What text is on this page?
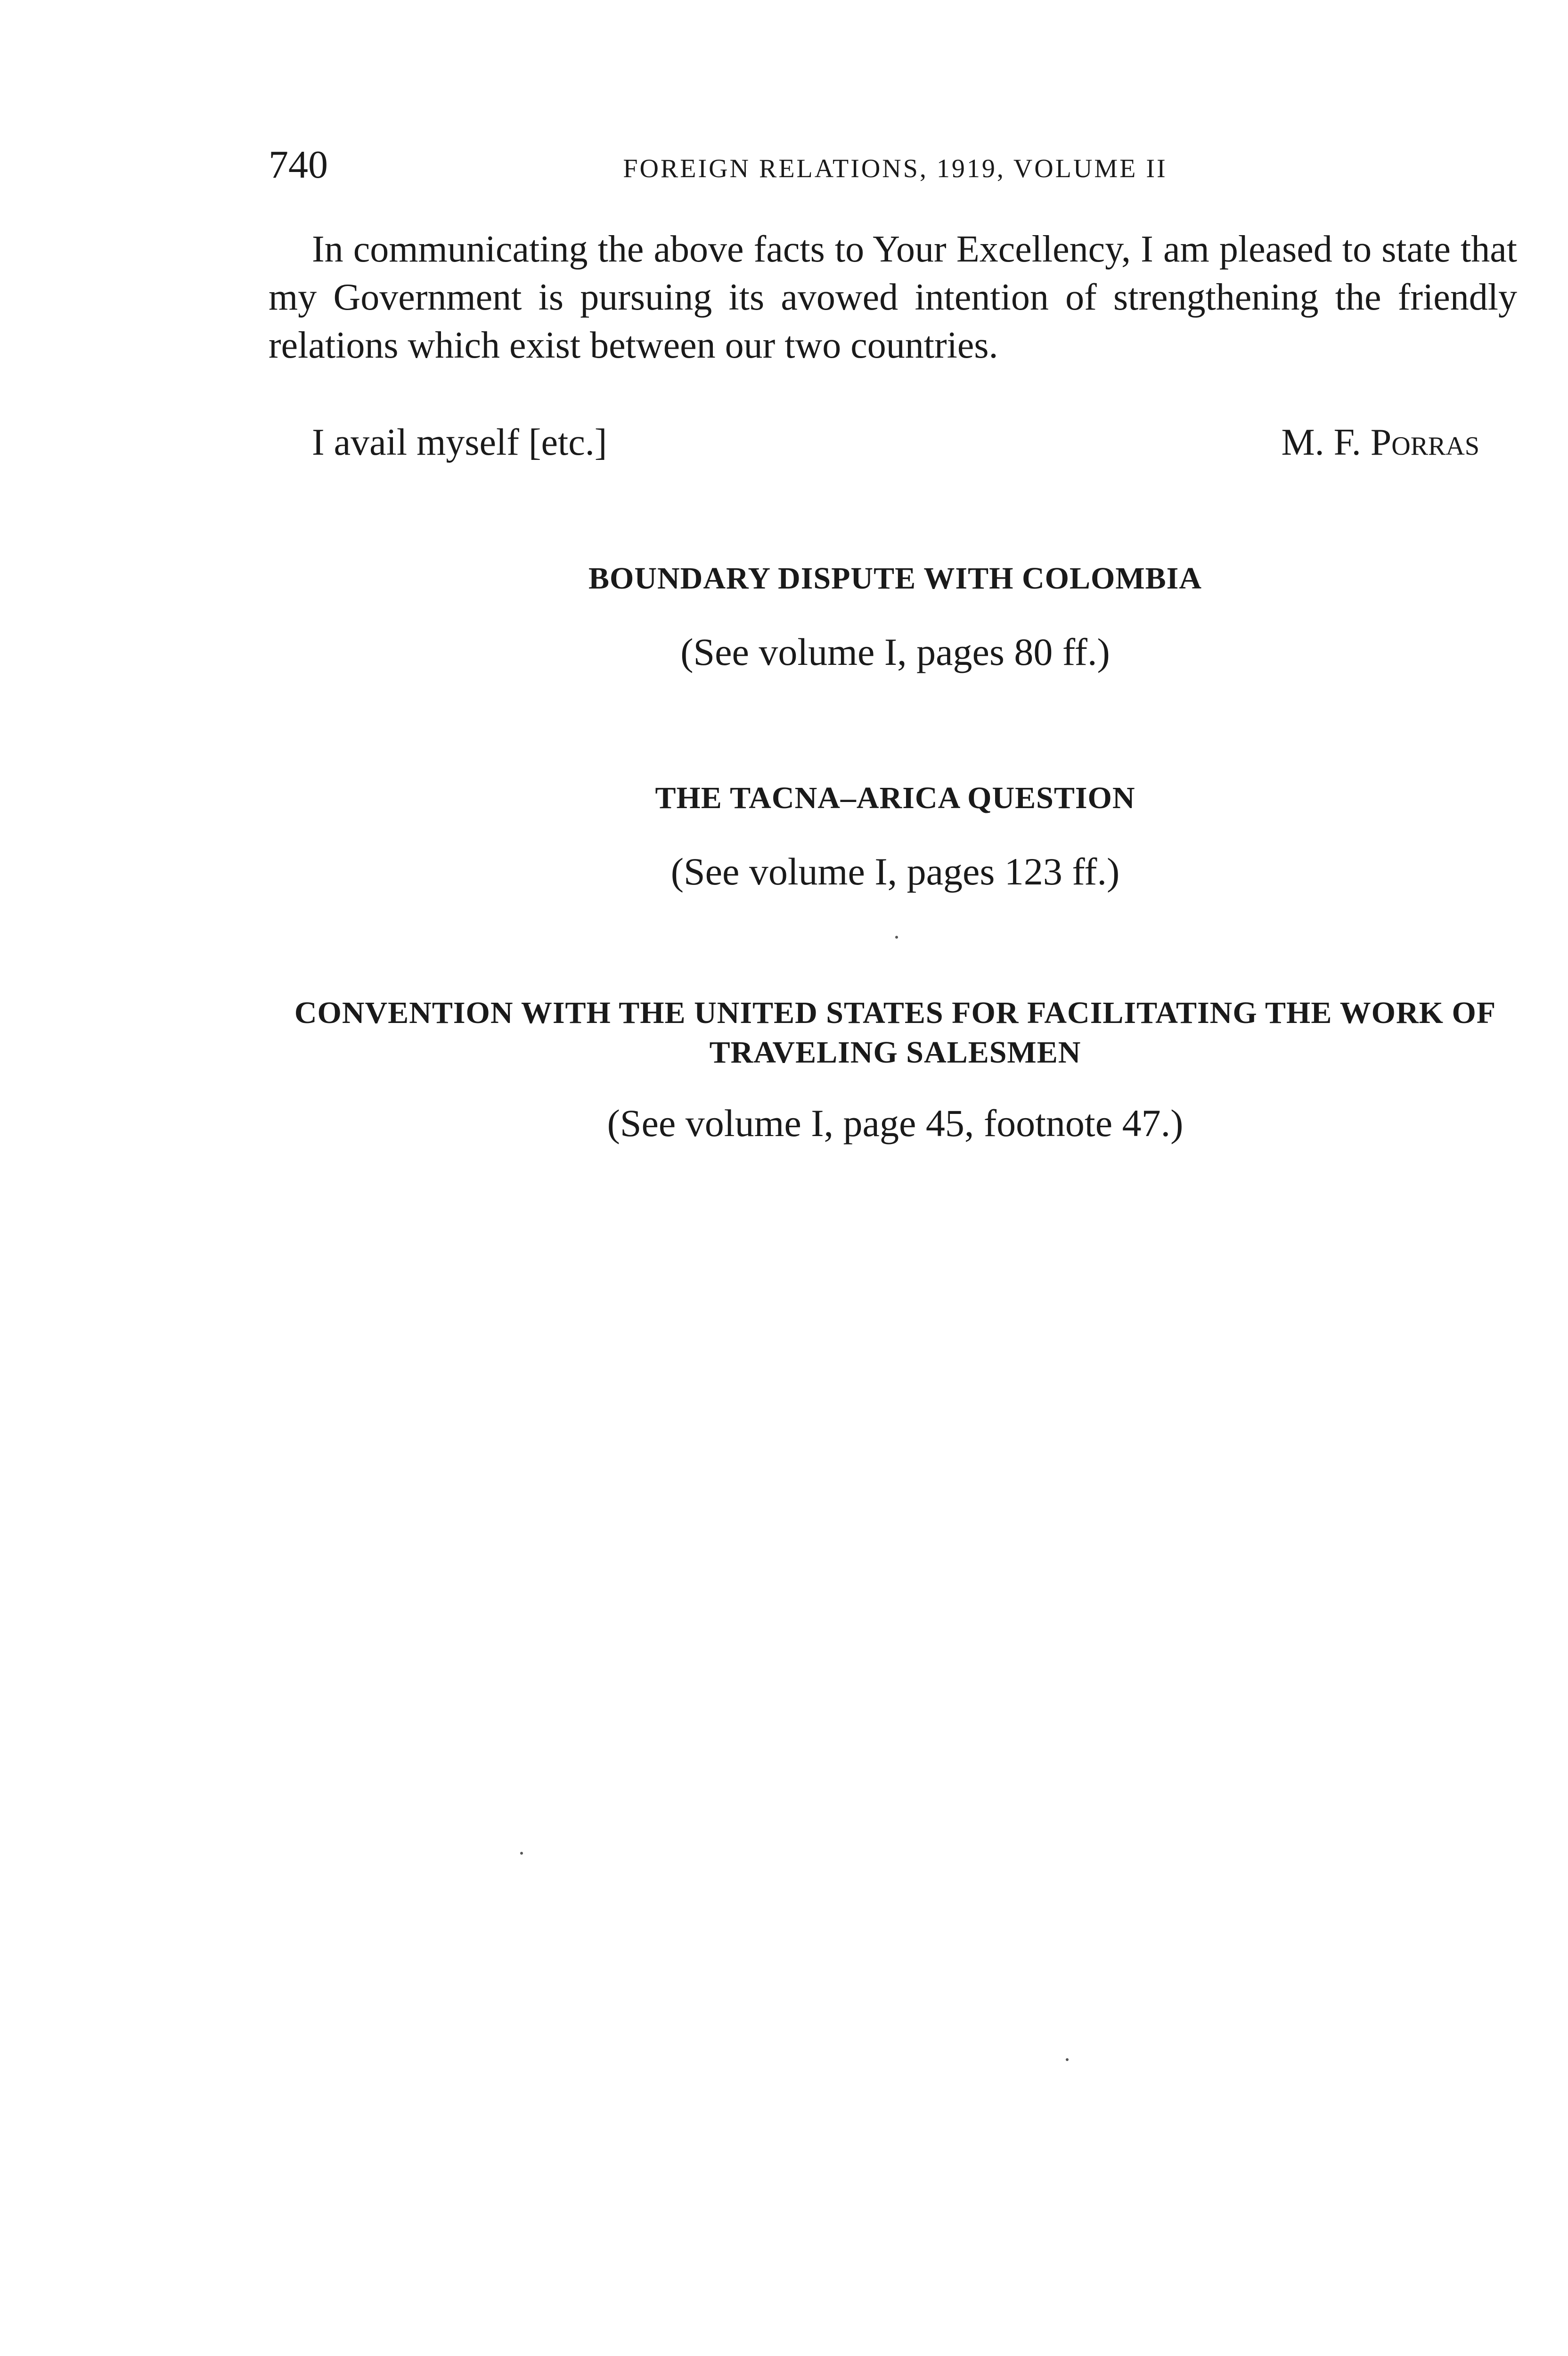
740	FOREIGN RELATIONS, 1919, VOLUME II

In communicating the above facts to Your Excellency, I am pleased to state that my Government is pursuing its avowed intention of strengthening the friendly relations which exist between our two countries.

I avail myself [etc.]	M. F. Porras
BOUNDARY DISPUTE WITH COLOMBIA

(See volume I, pages 80 ff.)

THE TACNA–ARICA QUESTION

(See volume I, pages 123 ff.)

CONVENTION WITH THE UNITED STATES FOR FACILITATING THE WORK OF TRAVELING SALESMEN

(See volume I, page 45, footnote 47.)
